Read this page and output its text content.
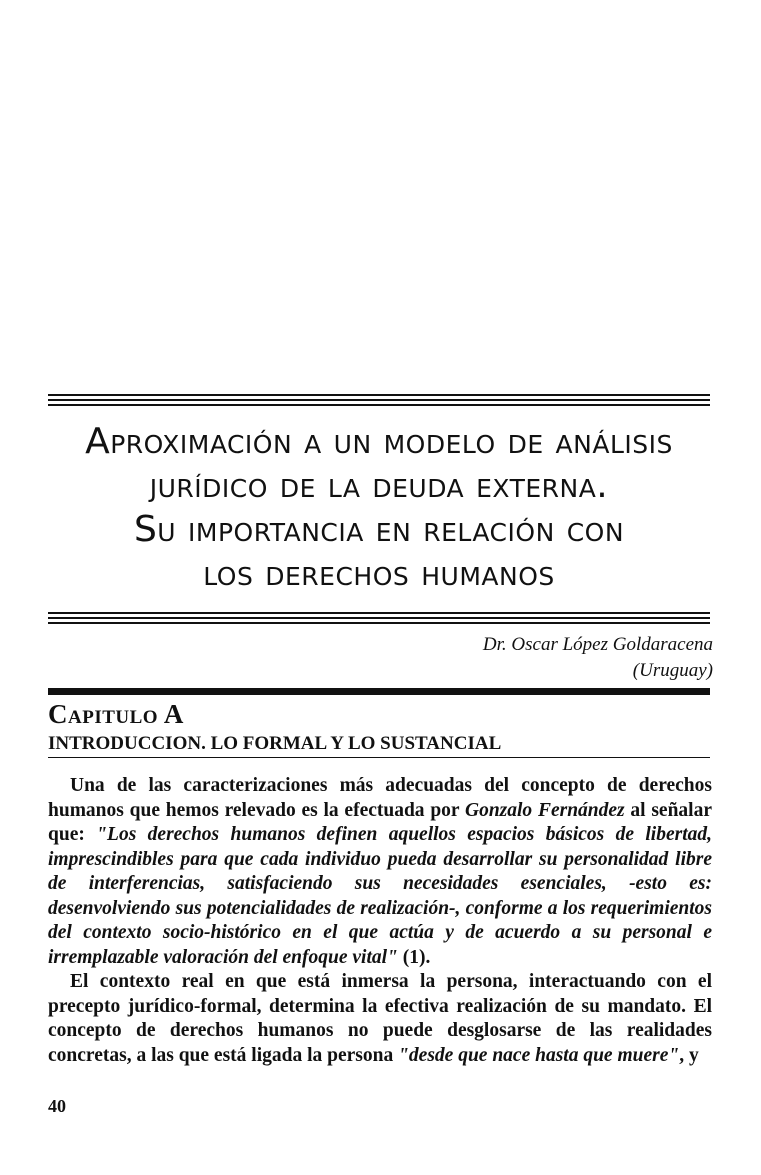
Aproximación a un modelo de análisis
jurídico de la deuda externa.
Su importancia en relación con
los derechos humanos
Dr. Oscar López Goldaracena
(Uruguay)
Capitulo A
INTRODUCCION. LO FORMAL Y LO SUSTANCIAL

Una de las caracterizaciones más adecuadas del concepto de derechos humanos que hemos relevado es la efectuada por Gonzalo Fernández al señalar que: "Los derechos humanos definen aquellos espacios básicos de libertad, imprescindibles para que cada individuo pueda desarrollar su personalidad libre de interferencias, satisfaciendo sus necesidades esenciales, -esto es: desenvolviendo sus potencialidades de realización-, conforme a los requerimientos del contexto socio-histórico en el que actúa y de acuerdo a su personal e irremplazable valoración del enfoque vital" (1).

El contexto real en que está inmersa la persona, interactuando con el precepto jurídico-formal, determina la efectiva realización de su mandato. El concepto de derechos humanos no puede desglosarse de las realidades concretas, a las que está ligada la persona "desde que nace hasta que muere", y

40
